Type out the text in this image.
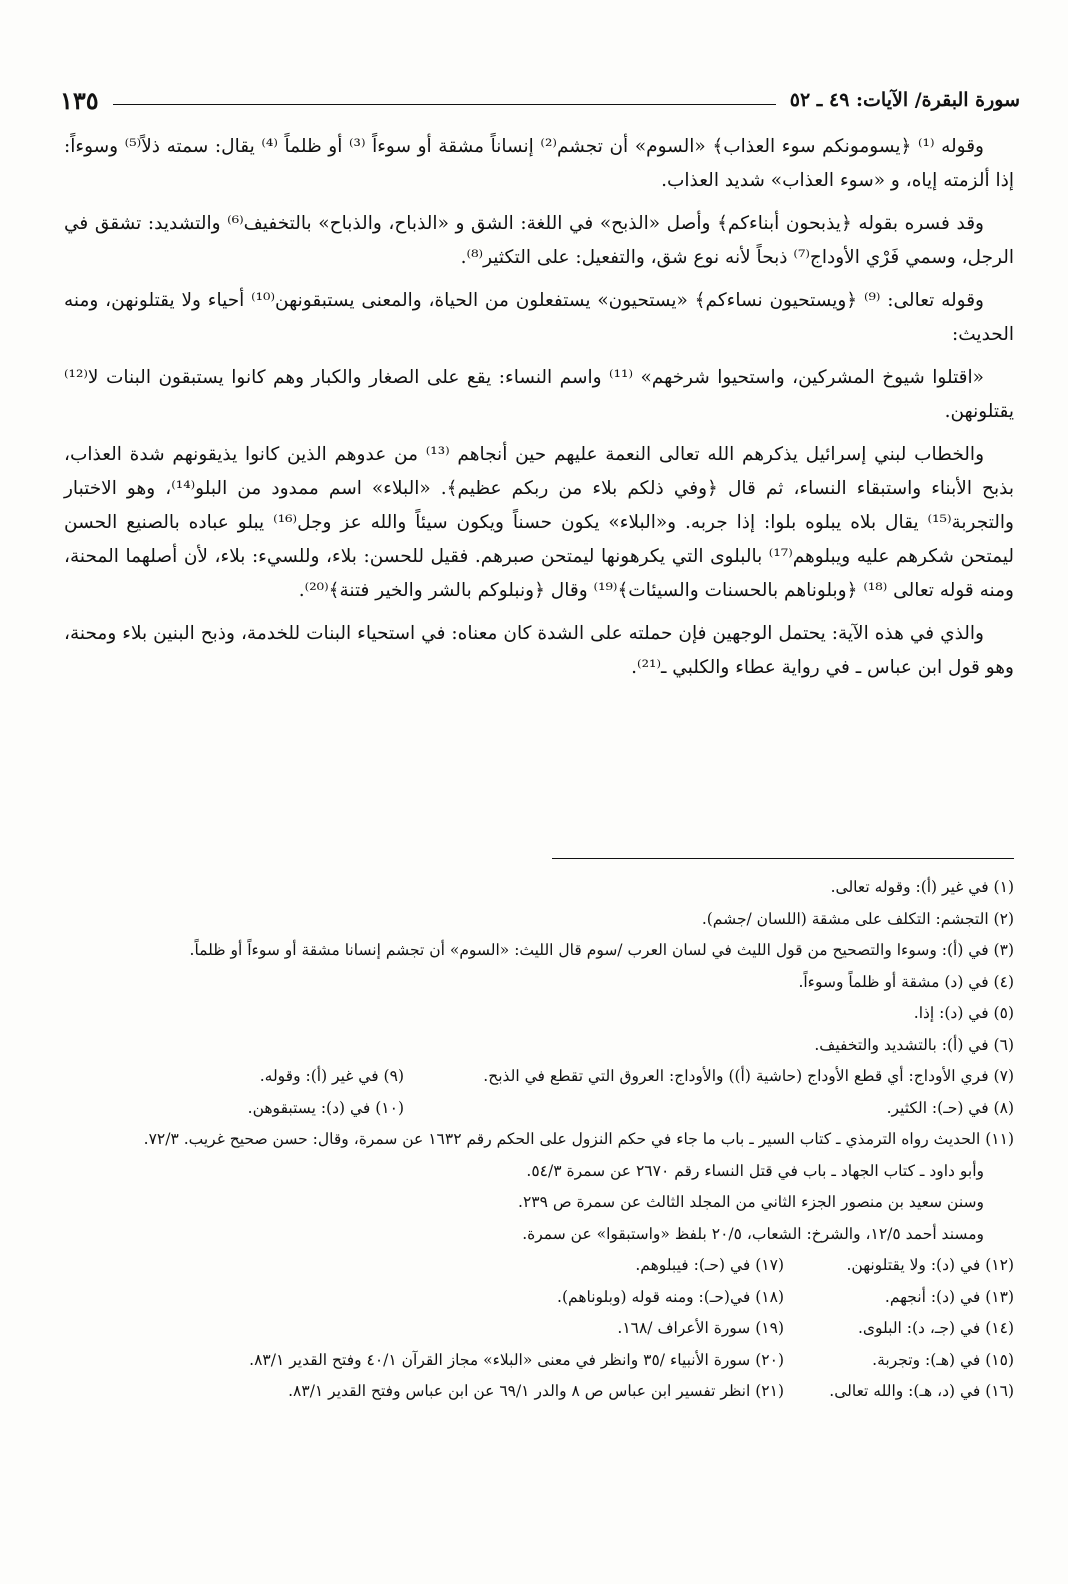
سورة البقرة/ الآيات: ٤٩ ـ ٥٢
١٣٥

وقوله ⁽¹⁾ ﴿يسومونكم سوء العذاب﴾ «السوم» أن تجشم⁽²⁾ إنساناً مشقة أو سوءاً ⁽³⁾ أو ظلماً ⁽⁴⁾ يقال: سمته ذلاً⁽⁵⁾ وسوءاً: إذا ألزمته إياه، و «سوء العذاب» شديد العذاب.

وقد فسره بقوله ﴿يذبحون أبناءكم﴾ وأصل «الذبح» في اللغة: الشق و «الذباح، والذباح» بالتخفيف⁽⁶⁾ والتشديد: تشقق في الرجل، وسمي فَرْي الأوداج⁽⁷⁾ ذبحاً لأنه نوع شق، والتفعيل: على التكثير⁽⁸⁾.

وقوله تعالى: ⁽⁹⁾ ﴿ويستحيون نساءكم﴾ «يستحيون» يستفعلون من الحياة، والمعنى يستبقونهن⁽¹⁰⁾ أحياء ولا يقتلونهن، ومنه الحديث:

«اقتلوا شيوخ المشركين، واستحيوا شرخهم» ⁽¹¹⁾ واسم النساء: يقع على الصغار والكبار وهم كانوا يستبقون البنات لا⁽¹²⁾ يقتلونهن.

والخطاب لبني إسرائيل يذكرهم الله تعالى النعمة عليهم حين أنجاهم ⁽¹³⁾ من عدوهم الذين كانوا يذيقونهم شدة العذاب، بذبح الأبناء واستبقاء النساء، ثم قال ﴿وفي ذلكم بلاء من ربكم عظيم﴾. «البلاء» اسم ممدود من البلو⁽¹⁴⁾، وهو الاختبار والتجربة⁽¹⁵⁾ يقال بلاه يبلوه بلوا: إذا جربه. و«البلاء» يكون حسناً ويكون سيئاً والله عز وجل⁽¹⁶⁾ يبلو عباده بالصنيع الحسن ليمتحن شكرهم عليه ويبلوهم⁽¹⁷⁾ بالبلوى التي يكرهونها ليمتحن صبرهم. فقيل للحسن: بلاء، وللسيء: بلاء، لأن أصلهما المحنة، ومنه قوله تعالى ⁽¹⁸⁾ ﴿وبلوناهم بالحسنات والسيئات﴾⁽¹⁹⁾ وقال ﴿ونبلوكم بالشر والخير فتنة﴾⁽²⁰⁾.

والذي في هذه الآية: يحتمل الوجهين فإن حملته على الشدة كان معناه: في استحياء البنات للخدمة، وذبح البنين بلاء ومحنة، وهو قول ابن عباس ـ في رواية عطاء والكلبي ـ⁽²¹⁾.

(١) في غير (أ): وقوله تعالى.
(٢) التجشم: التكلف على مشقة (اللسان /جشم).
(٣) في (أ): وسوءا والتصحيح من قول الليث في لسان العرب /سوم قال الليث: «السوم» أن تجشم إنسانا مشقة أو سوءاً أو ظلماً.
(٤) في (د) مشقة أو ظلماً وسوءاً.
(٥) في (د): إذا.
(٦) في (أ): بالتشديد والتخفيف.
(٧) فري الأوداج: أي قطع الأوداج (حاشية (أ)) والأوداج: العروق التي تقطع في الذبح.
(٩) في غير (أ): وقوله.
(٨) في (حـ): الكثير.
(١٠) في (د): يستبقوهن.
(١١) الحديث رواه الترمذي ـ كتاب السير ـ باب ما جاء في حكم النزول على الحكم رقم ١٦٣٢ عن سمرة، وقال: حسن صحيح غريب. ٧٢/٣.
وأبو داود ـ كتاب الجهاد ـ باب في قتل النساء رقم ٢٦٧٠ عن سمرة ٥٤/٣.
وسنن سعيد بن منصور الجزء الثاني من المجلد الثالث عن سمرة ص ٢٣٩.
ومسند أحمد ١٢/٥، والشرخ: الشعاب، ٢٠/٥ بلفظ «واستبقوا» عن سمرة.
(١٢) في (د): ولا يقتلونهن.
(١٧) في (حـ): فيبلوهم.
(١٣) في (د): أنجهم.
(١٨) في(حـ): ومنه قوله (وبلوناهم).
(١٤) في (جـ، د): البلوى.
(١٩) سورة الأعراف /١٦٨.
(١٥) في (هـ): وتجربة.
(٢٠) سورة الأنبياء /٣٥ وانظر في معنى «البلاء» مجاز القرآن ٤٠/١ وفتح القدير ٨٣/١.
(١٦) في (د، هـ): والله تعالى.
(٢١) انظر تفسير ابن عباس ص ٨ والدر ٦٩/١ عن ابن عباس وفتح القدير ٨٣/١.
